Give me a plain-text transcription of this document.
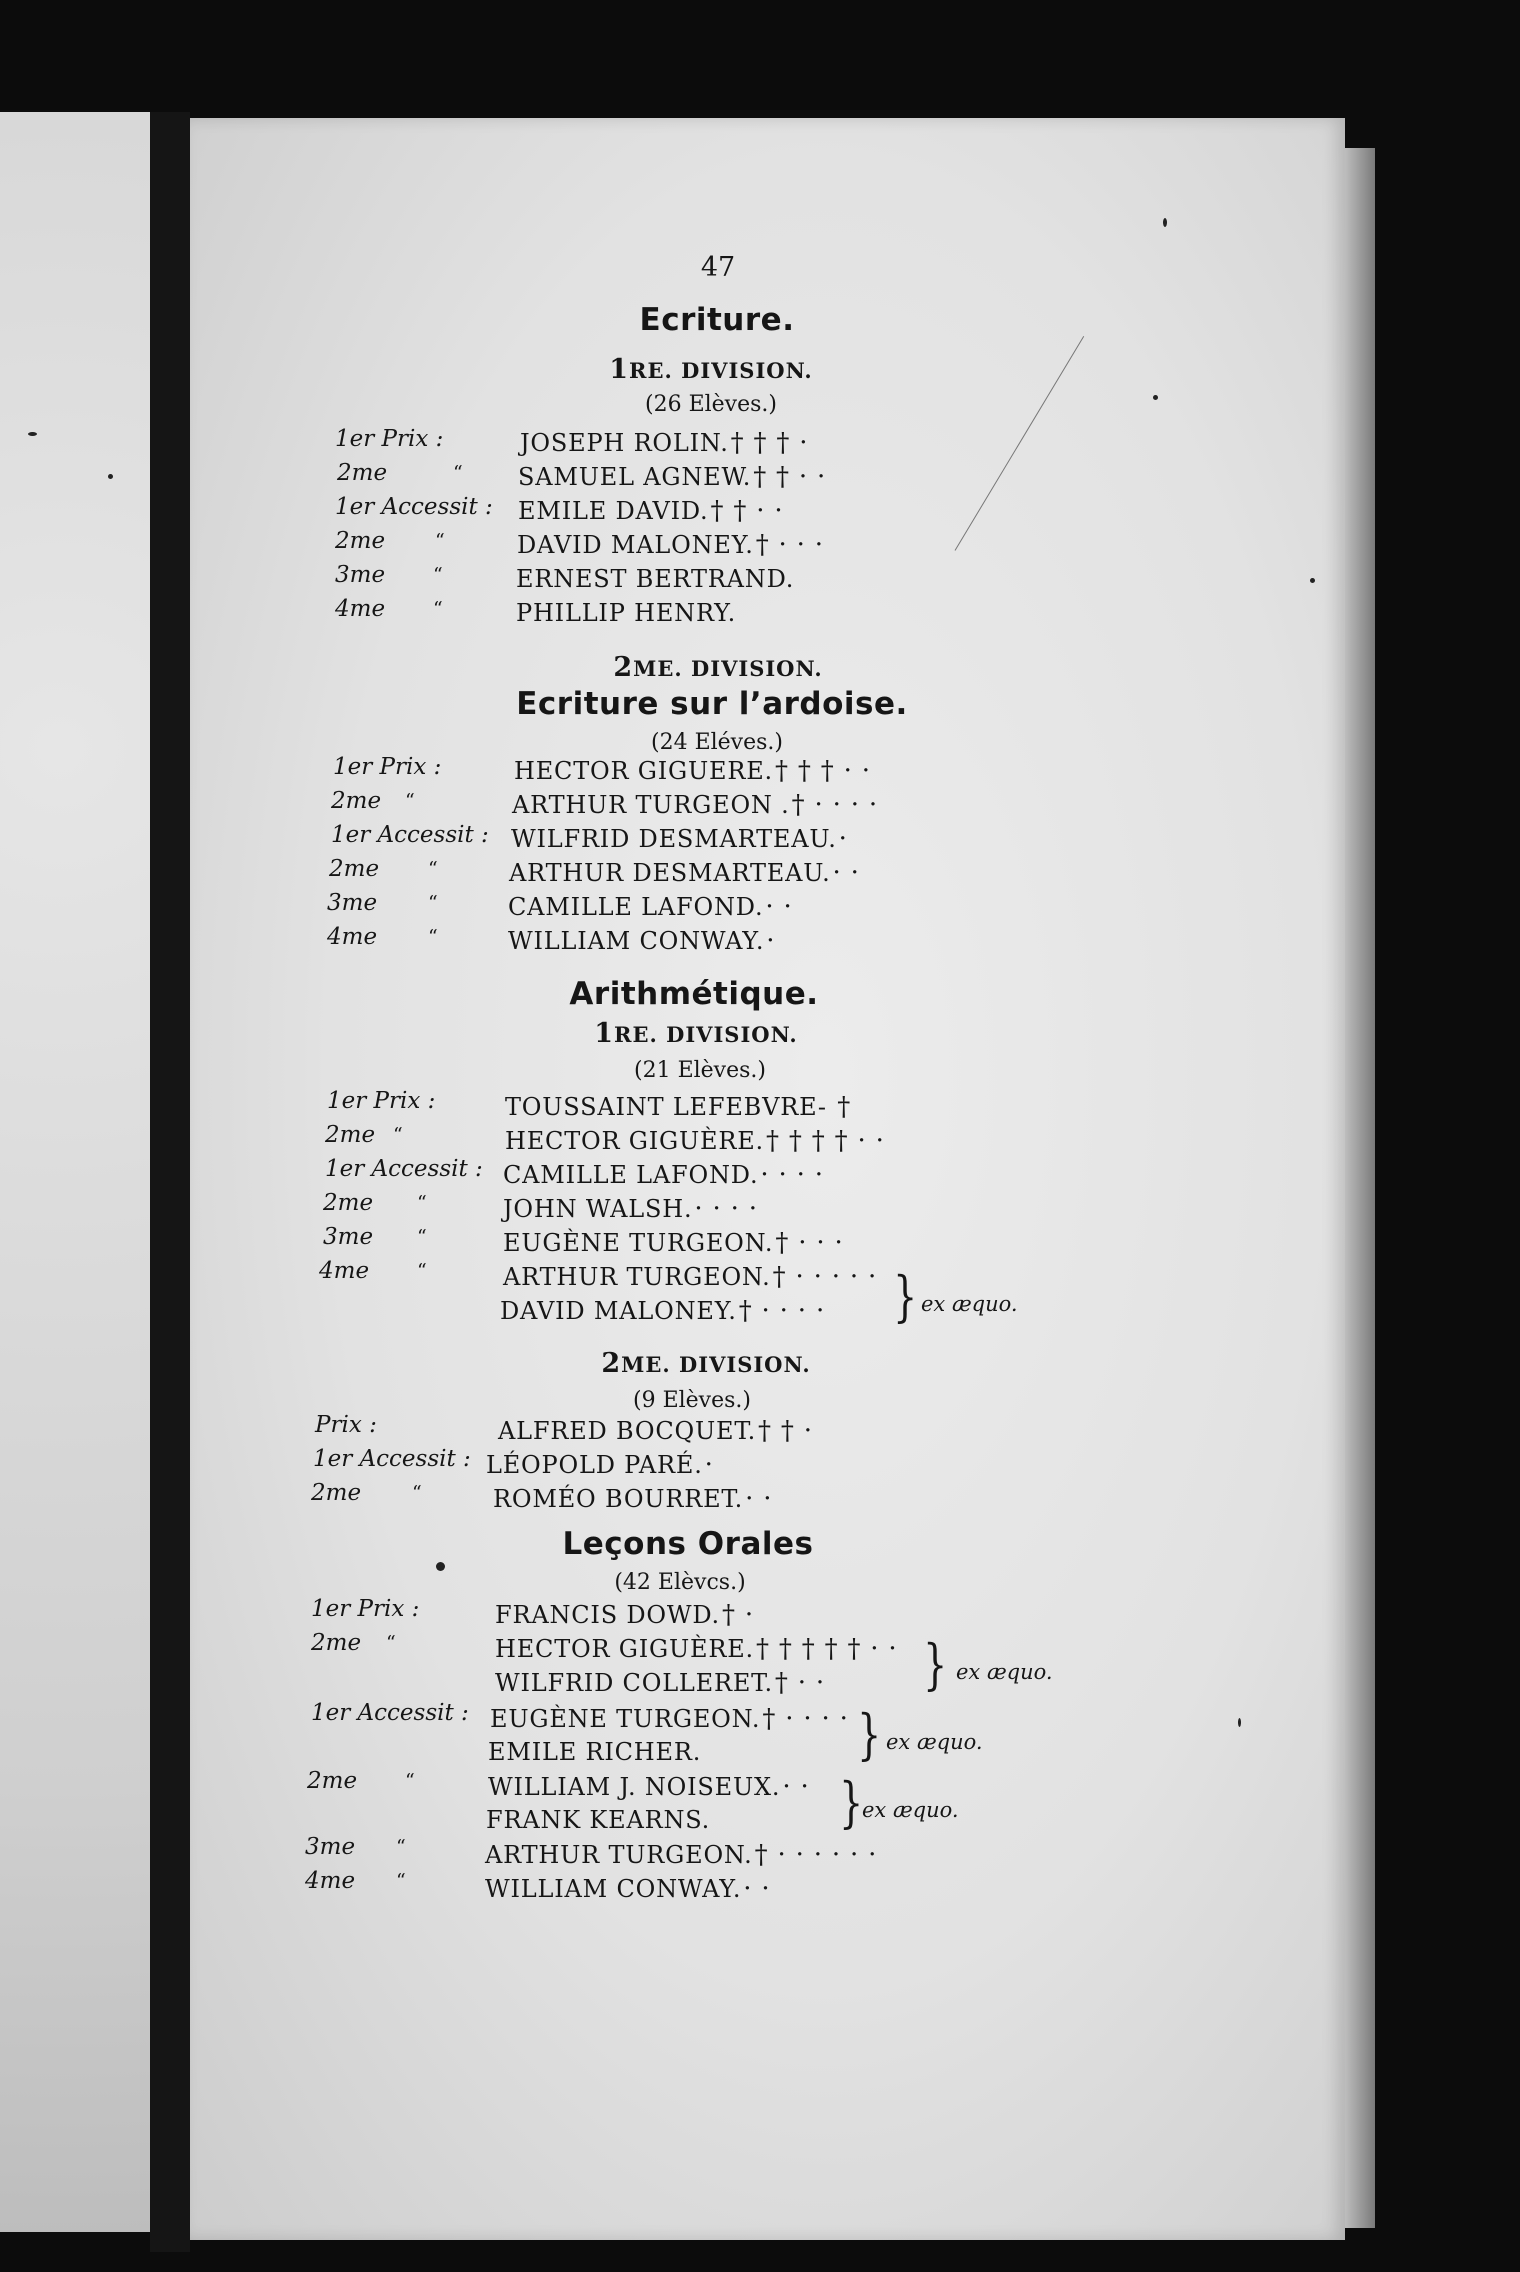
47
Ecriture.
1RE. DIVISION.
(26 Elèves.)
1er Prix :	JOSEPH ROLIN.† † † ·
2me	“ SAMUEL AGNEW.† † · ·
1er Accessit : EMILE DAVID.† † · ·
2me	“	DAVID MALONEY.† · · ·
3me	“	ERNEST BERTRAND.
4me	“	PHILLIP HENRY.
2ME. DIVISION.
Ecriture sur l’ardoise.
(24 Eléves.)
1er Prix :	HECTOR GIGUERE.† † † · ·
2me “	ARTHUR TURGEON .† · · · ·
1er Accessit : WILFRID DESMARTEAU.·
2me	“	ARTHUR DESMARTEAU.· ·
3me	“	CAMILLE LAFOND.· ·
4me	“	WILLIAM CONWAY.·
Arithmétique.
1RE. DIVISION.
(21 Elèves.)
1er Prix :	TOUSSAINT LEFEBVRE- †
2me “	HECTOR GIGUÈRE.† † † † · ·
1er Accessit : CAMILLE LAFOND.· · · ·
2me “	JOHN WALSH.· · · ·
3me “	EUGÈNE TURGEON.† · · ·
4me	“	ARTHUR TURGEON.† · · · · ·
DAVID MALONEY.† · · · · } ex æquo.
2ME. DIVISION.
(9 Elèves.)
Prix :	ALFRED BOCQUET.† † ·
1er Accessit : LÉOPOLD PARÉ.·
2me	“	ROMÉO BOURRET.· ·
Leçons Orales
(42 Elèvcs.)
1er Prix :	FRANCIS DOWD.† ·
2me “	HECTOR GIGUÈRE.† † † † † · ·
WILFRID COLLERET.† · · } ex æquo.
1er Accessit : EUGÈNE TURGEON.† · · · ·
EMILE RICHER.	} ex æquo.
2me	“	WILLIAM J. NOISEUX.· ·
FRANK KEARNS. }
ex æquo.
3me “	ARTHUR TURGEON.† · · · · · ·
4me “	WILLIAM CONWAY.· ·
